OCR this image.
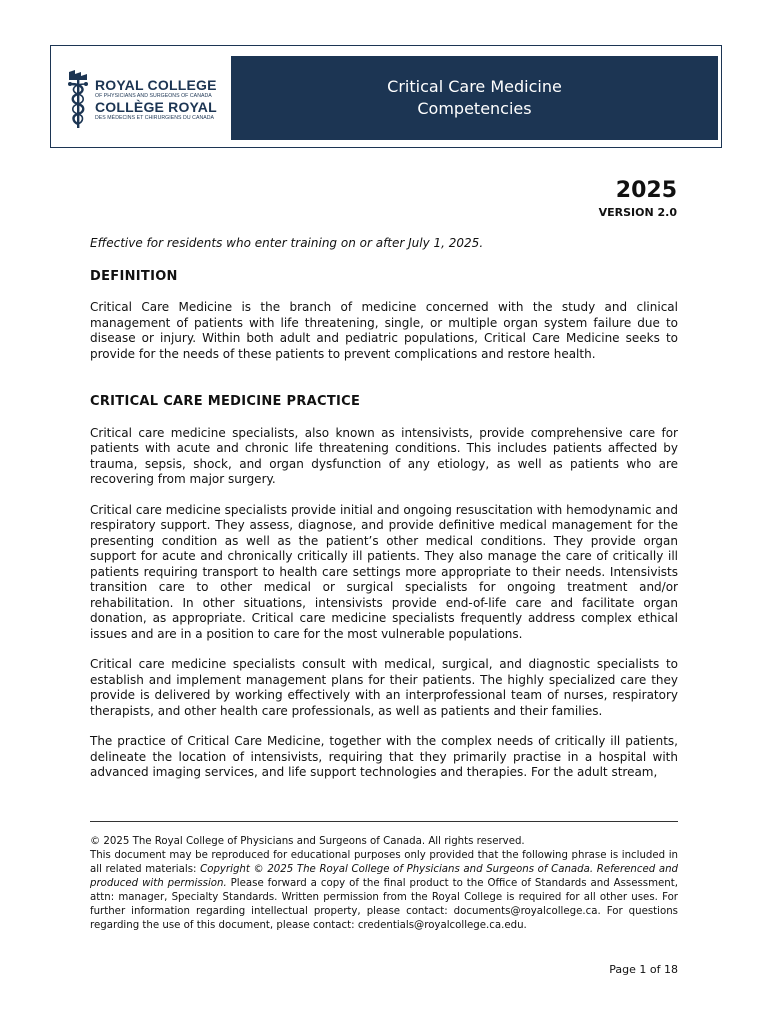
ROYAL COLLEGE
OF PHYSICIANS AND SURGEONS OF CANADA
COLLÈGE ROYAL
DES MÉDECINS ET CHIRURGIENS DU CANADA
Critical Care Medicine
Competencies
2025
VERSION 2.0

Effective for residents who enter training on or after July 1, 2025.

DEFINITION

Critical Care Medicine is the branch of medicine concerned with the study and clinical management of patients with life threatening, single, or multiple organ system failure due to disease or injury. Within both adult and pediatric populations, Critical Care Medicine seeks to provide for the needs of these patients to prevent complications and restore health.

CRITICAL CARE MEDICINE PRACTICE

Critical care medicine specialists, also known as intensivists, provide comprehensive care for patients with acute and chronic life threatening conditions. This includes patients affected by trauma, sepsis, shock, and organ dysfunction of any etiology, as well as patients who are recovering from major surgery.

Critical care medicine specialists provide initial and ongoing resuscitation with hemodynamic and respiratory support. They assess, diagnose, and provide definitive medical management for the presenting condition as well as the patient’s other medical conditions. They provide organ support for acute and chronically critically ill patients. They also manage the care of critically ill patients requiring transport to health care settings more appropriate to their needs. Intensivists transition care to other medical or surgical specialists for ongoing treatment and/or rehabilitation. In other situations, intensivists provide end-of-life care and facilitate organ donation, as appropriate. Critical care medicine specialists frequently address complex ethical issues and are in a position to care for the most vulnerable populations.

Critical care medicine specialists consult with medical, surgical, and diagnostic specialists to establish and implement management plans for their patients. The highly specialized care they provide is delivered by working effectively with an interprofessional team of nurses, respiratory therapists, and other health care professionals, as well as patients and their families.

The practice of Critical Care Medicine, together with the complex needs of critically ill patients, delineate the location of intensivists, requiring that they primarily practise in a hospital with advanced imaging services, and life support technologies and therapies. For the adult stream,

© 2025 The Royal College of Physicians and Surgeons of Canada. All rights reserved.
This document may be reproduced for educational purposes only provided that the following phrase is included in all related materials: Copyright © 2025 The Royal College of Physicians and Surgeons of Canada. Referenced and produced with permission. Please forward a copy of the final product to the Office of Standards and Assessment, attn: manager, Specialty Standards. Written permission from the Royal College is required for all other uses. For further information regarding intellectual property, please contact: documents@royalcollege.ca. For questions regarding the use of this document, please contact: credentials@royalcollege.ca.edu.
Page 1 of 18
